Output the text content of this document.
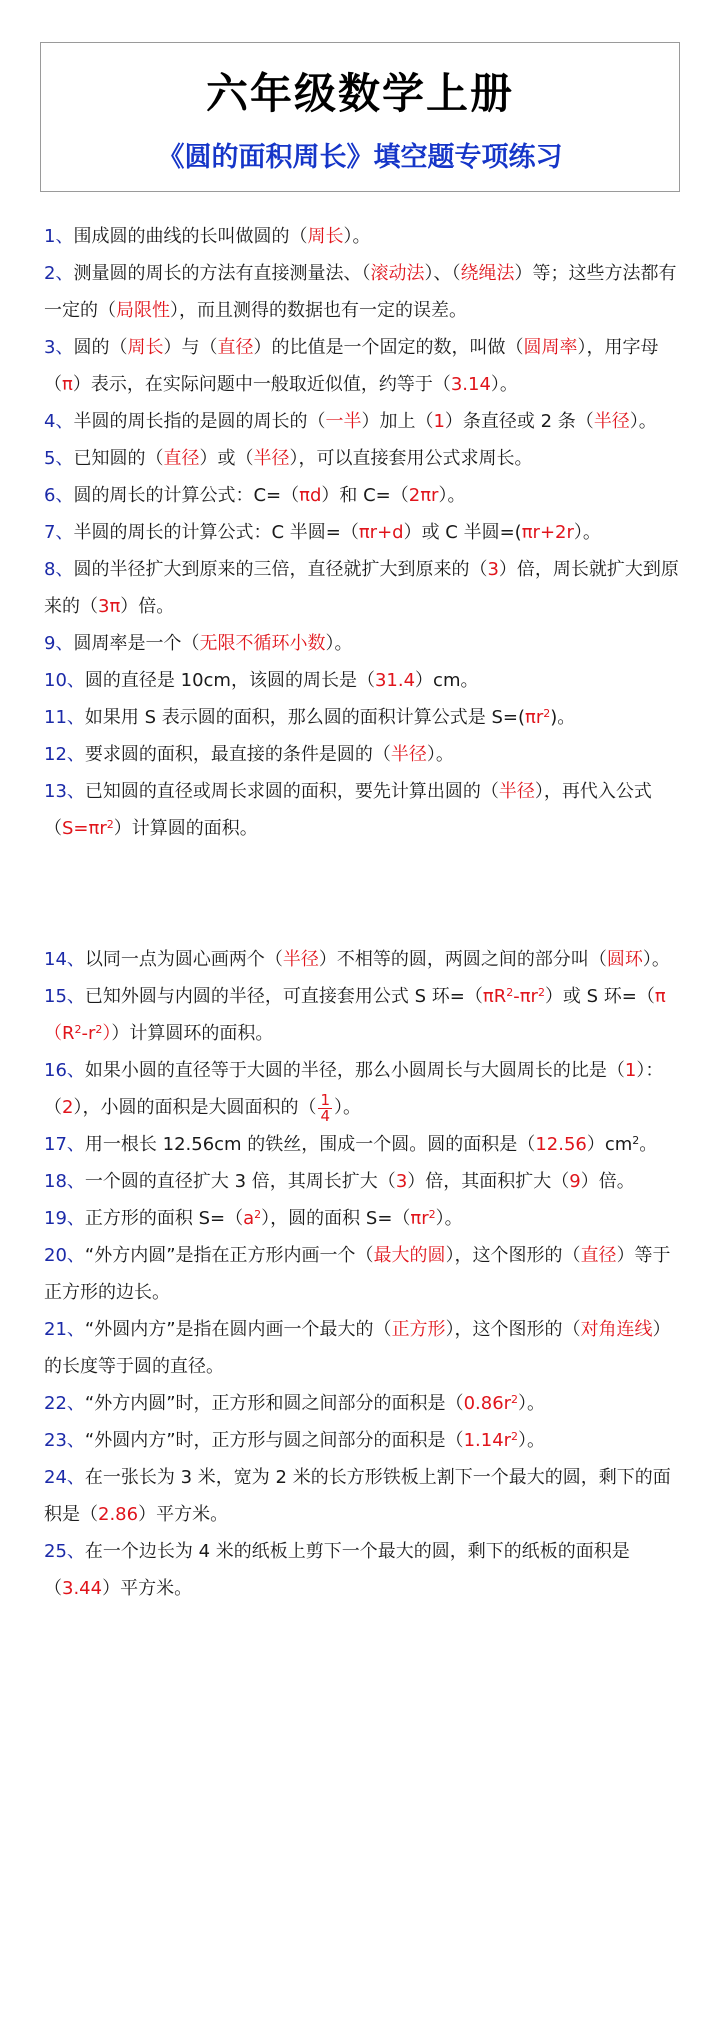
六年级数学上册
《圆的面积周长》填空题专项练习

1、围成圆的曲线的长叫做圆的（周长）。

2、测量圆的周长的方法有直接测量法、（滚动法）、（绕绳法）等；这些方法都有一定的（局限性），而且测得的数据也有一定的误差。

3、圆的（周长）与（直径）的比值是一个固定的数，叫做（圆周率），用字母（π）表示，在实际问题中一般取近似值，约等于（3.14）。

4、半圆的周长指的是圆的周长的（一半）加上（1）条直径或 2 条（半径）。

5、已知圆的（直径）或（半径），可以直接套用公式求周长。

6、圆的周长的计算公式：C=（πd）和 C=（2πr）。

7、半圆的周长的计算公式：C 半圆=（πr+d）或 C 半圆=(πr+2r）。

8、圆的半径扩大到原来的三倍，直径就扩大到原来的（3）倍，周长就扩大到原来的（3π）倍。

9、圆周率是一个（无限不循环小数）。

10、圆的直径是 10cm，该圆的周长是（31.4）cm。

11、如果用 S 表示圆的面积，那么圆的面积计算公式是 $S=(\pi r^2)$。

12、要求圆的面积，最直接的条件是圆的（半径）。

13、已知圆的直径或周长求圆的面积，要先计算出圆的（半径），再代入公式$(S=\pi r^2)$计算圆的面积。

14、以同一点为圆心画两个（半径）不相等的圆，两圆之间的部分叫（圆环）。

15、已知外圆与内圆的半径，可直接套用公式 S 环$=(\pi R^2-\pi r^2)$或 S 环$=(\pi(R^2-r^2))$计算圆环的面积。

16、如果小圆的直径等于大圆的半径，那么小圆周长与大圆周长的比是（1）：（2），小圆的面积是大圆面积的（ $\frac{1}{4}$ ）。

17、用一根长 12.56cm 的铁丝，围成一个圆。圆的面积是$(12.56)cm^2$。

18、一个圆的直径扩大 3 倍，其周长扩大（3）倍，其面积扩大（9）倍。

19、正方形的面积 $S=(a^2)$，圆的面积 $S=(\pi r^2)$。

20、“外方内圆”是指在正方形内画一个（最大的圆），这个图形的（直径）等于正方形的边长。

21、“外圆内方”是指在圆内画一个最大的（正方形），这个图形的（对角连线）的长度等于圆的直径。

22、“外方内圆”时，正方形和圆之间部分的面积是$(0.86r^2)$。

23、“外圆内方”时，正方形与圆之间部分的面积是$(1.14r^2)$。

24、在一张长为 3 米，宽为 2 米的长方形铁板上割下一个最大的圆，剩下的面积是（2.86）平方米。

25、在一个边长为 4 米的纸板上剪下一个最大的圆，剩下的纸板的面积是（3.44）平方米。
